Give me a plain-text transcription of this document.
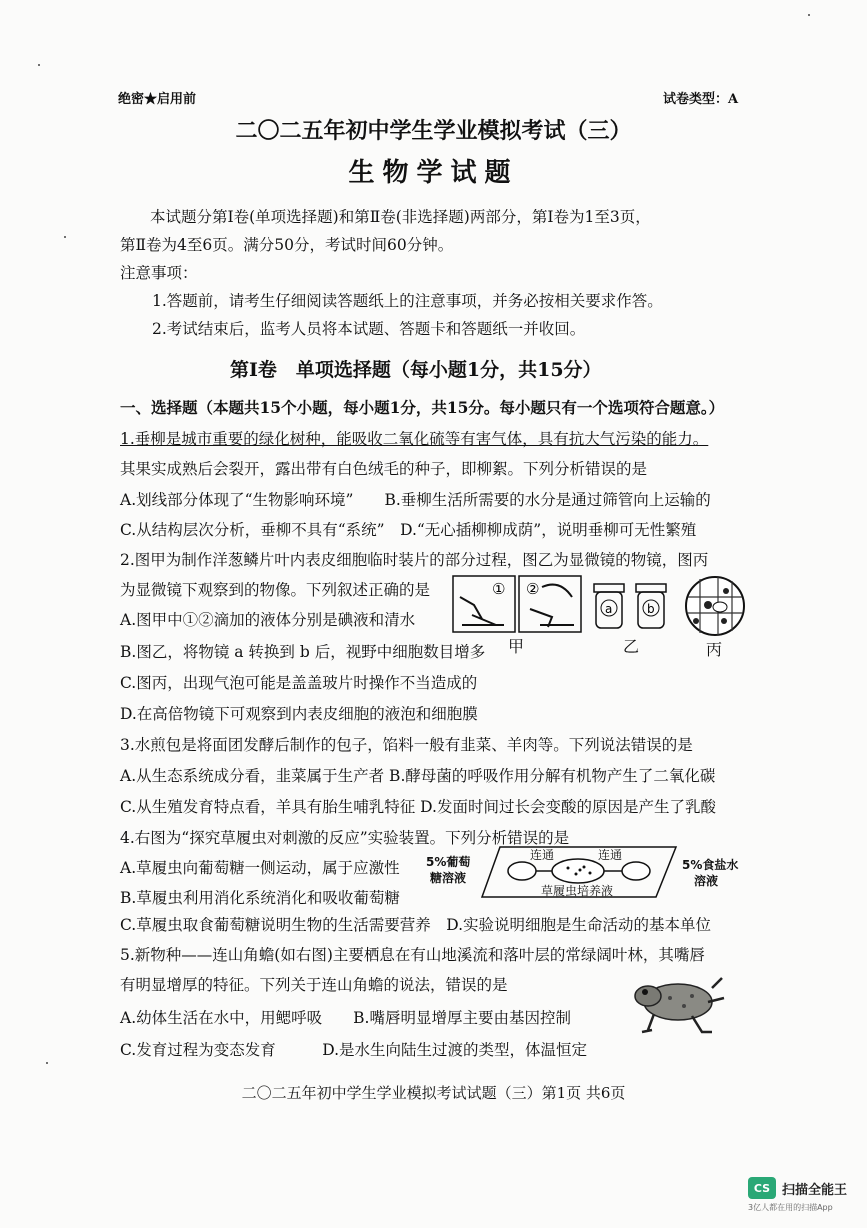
绝密★启用前	试卷类型：A
二〇二五年初中学生学业模拟考试（三）
生物学试题
本试题分第Ⅰ卷(单项选择题)和第Ⅱ卷(非选择题)两部分，第Ⅰ卷为1至3页，
第Ⅱ卷为4至6页。满分50分，考试时间60分钟。
注意事项：
1.答题前，请考生仔细阅读答题纸上的注意事项，并务必按相关要求作答。
2.考试结束后，监考人员将本试题、答题卡和答题纸一并收回。
第Ⅰ卷　单项选择题（每小题1分，共15分）
一、选择题（本题共15个小题，每小题1分，共15分。每小题只有一个选项符合题意。）
1.垂柳是城市重要的绿化树种，能吸收二氧化硫等有害气体，具有抗大气污染的能力。
其果实成熟后会裂开，露出带有白色绒毛的种子，即柳絮。下列分析错误的是
A.划线部分体现了“生物影响环境”　　B.垂柳生活所需要的水分是通过筛管向上运输的
C.从结构层次分析，垂柳不具有“系统”　D.“无心插柳柳成荫”，说明垂柳可无性繁殖
2.图甲为制作洋葱鳞片叶内表皮细胞临时装片的部分过程，图乙为显微镜的物镜，图丙
为显微镜下观察到的物像。下列叙述正确的是
A.图甲中①②滴加的液体分别是碘液和清水
B.图乙，将物镜 a 转换到 b 后，视野中细胞数目增多
C.图丙，出现气泡可能是盖盖玻片时操作不当造成的
D.在高倍物镜下可观察到内表皮细胞的液泡和细胞膜
① ②
甲
a	b
乙	丙
3.水煎包是将面团发酵后制作的包子，馅料一般有韭菜、羊肉等。下列说法错误的是
A.从生态系统成分看，韭菜属于生产者 B.酵母菌的呼吸作用分解有机物产生了二氧化碳
C.从生殖发育特点看，羊具有胎生哺乳特征 D.发面时间过长会变酸的原因是产生了乳酸
4.右图为“探究草履虫对刺激的反应”实验装置。下列分析错误的是
A.草履虫向葡萄糖一侧运动，属于应激性
B.草履虫利用消化系统消化和吸收葡萄糖
C.草履虫取食葡萄糖说明生物的生活需要营养　D.实验说明细胞是生命活动的基本单位
5%葡萄
糖溶液
5%食盐水
溶液
连通	连通
草履虫培养液
5.新物种——连山角蟾(如右图)主要栖息在有山地溪流和落叶层的常绿阔叶林，其嘴唇
有明显增厚的特征。下列关于连山角蟾的说法，错误的是
A.幼体生活在水中，用鳃呼吸　　B.嘴唇明显增厚主要由基因控制
C.发育过程为变态发育　　　D.是水生向陆生过渡的类型，体温恒定
二〇二五年初中学生学业模拟考试试题（三）第1页 共6页
CS 扫描全能王
3亿人都在用的扫描App
